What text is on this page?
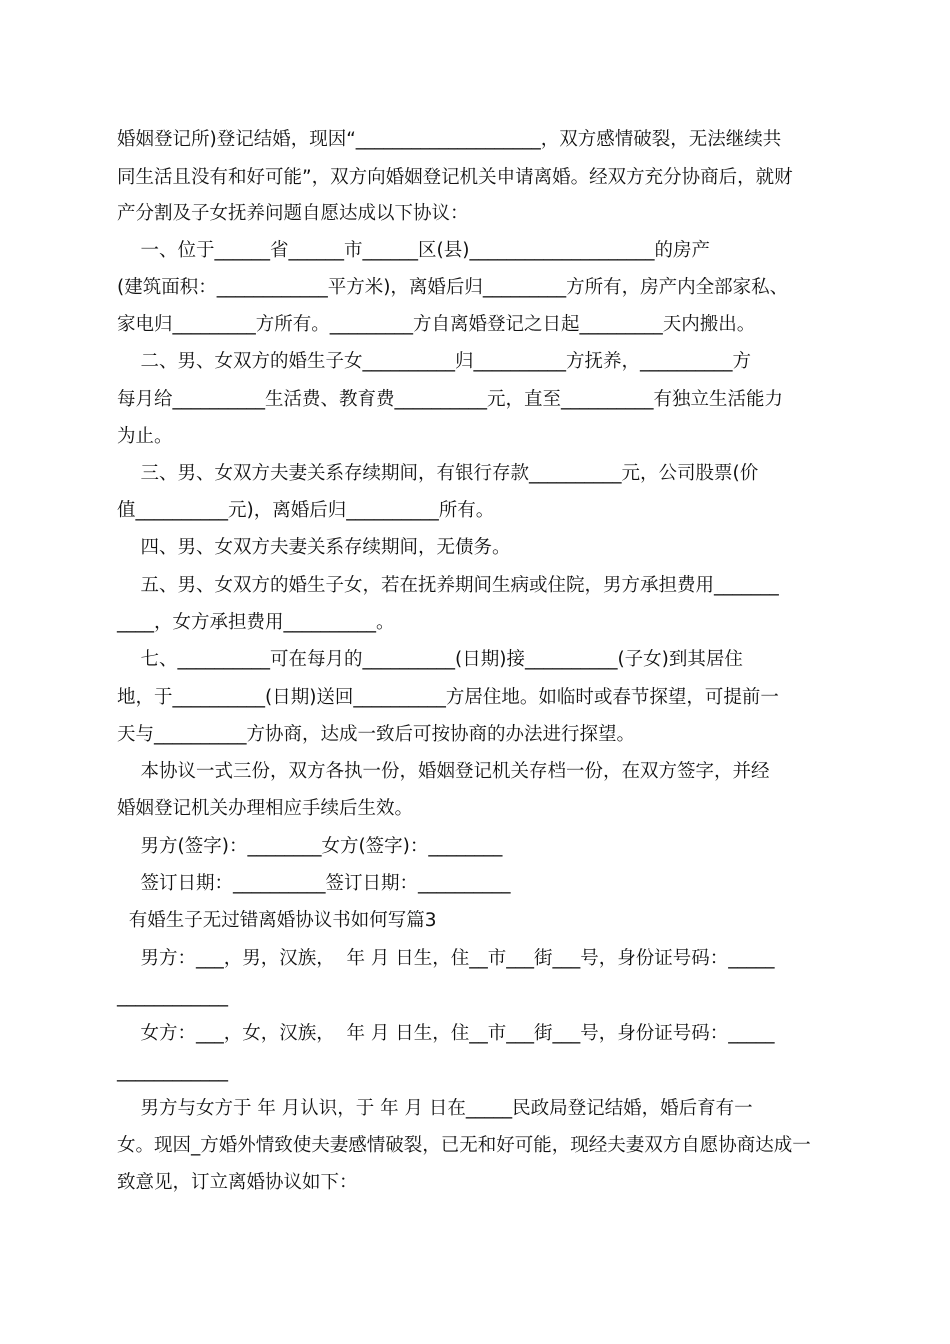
婚姻登记所)登记结婚，现因“____________________，双方感情破裂，无法继续共
同生活且没有和好可能”，双方向婚姻登记机关申请离婚。经双方充分协商后，就财
产分割及子女抚养问题自愿达成以下协议：
一、位于______省______市______区(县)____________________的房产
(建筑面积：____________平方米)，离婚后归_________方所有，房产内全部家私、
家电归_________方所有。_________方自离婚登记之日起_________天内搬出。
二、男、女双方的婚生子女__________归__________方抚养，__________方
每月给__________生活费、教育费__________元，直至__________有独立生活能力
为止。
三、男、女双方夫妻关系存续期间，有银行存款__________元，公司股票(价
值__________元)，离婚后归__________所有。
四、男、女双方夫妻关系存续期间，无债务。
五、男、女双方的婚生子女，若在抚养期间生病或住院，男方承担费用_______
____，女方承担费用__________。
七、__________可在每月的__________(日期)接__________(子女)到其居住
地，于__________(日期)送回__________方居住地。如临时或春节探望，可提前一
天与__________方协商，达成一致后可按协商的办法进行探望。
本协议一式三份，双方各执一份，婚姻登记机关存档一份，在双方签字，并经
婚姻登记机关办理相应手续后生效。
男方(签字)：________女方(签字)：________
签订日期：__________签订日期：__________
有婚生子无过错离婚协议书如何写篇3
男方：___，男，汉族，  年 月 日生，住__市___街___号，身份证号码：_____
____________
女方：___，女，汉族，  年 月 日生，住__市___街___号，身份证号码：_____
____________
男方与女方于 年 月认识，于 年 月 日在_____民政局登记结婚，婚后育有一
女。现因_方婚外情致使夫妻感情破裂，已无和好可能，现经夫妻双方自愿协商达成一
致意见，订立离婚协议如下：
